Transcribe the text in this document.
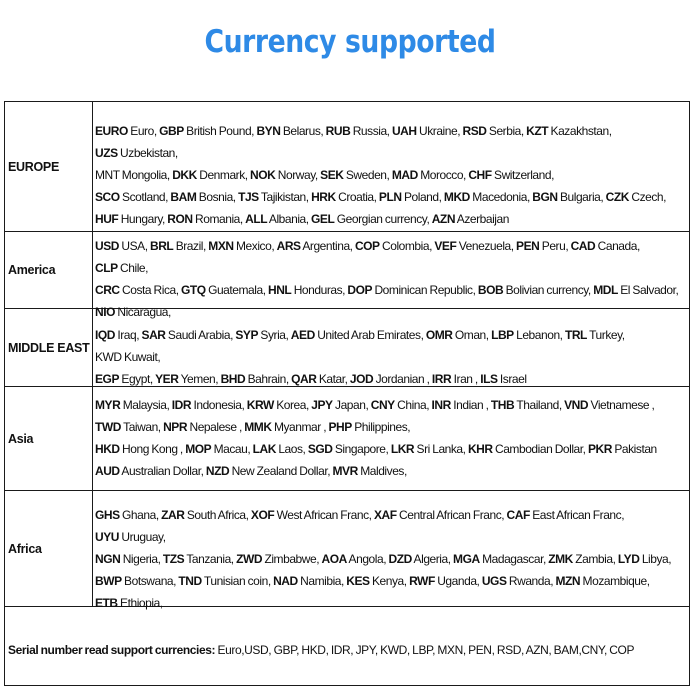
Currency supported
EUROPE
EURO Euro, GBP British Pound, BYN Belarus, RUB Russia, UAH Ukraine, RSD Serbia, KZT Kazakhstan, UZS Uzbekistan,
MNT Mongolia, DKK Denmark, NOK Norway, SEK Sweden, MAD Morocco, CHF Switzerland,
SCO Scotland, BAM Bosnia, TJS Tajikistan, HRK Croatia, PLN Poland, MKD Macedonia, BGN Bulgaria, CZK Czech,
HUF Hungary, RON Romania, ALL Albania, GEL Georgian currency, AZN Azerbaijan
America
USD USA, BRL Brazil, MXN Mexico, ARS Argentina, COP Colombia, VEF Venezuela, PEN Peru, CAD Canada, CLP Chile,
CRC Costa Rica, GTQ Guatemala, HNL Honduras, DOP Dominican Republic, BOB Bolivian currency, MDL El Salvador,
NIO Nicaragua,
MIDDLE EAST
IQD Iraq, SAR Saudi Arabia, SYP Syria, AED United Arab Emirates, OMR Oman, LBP Lebanon, TRL Turkey, KWD Kuwait,
EGP Egypt, YER Yemen, BHD Bahrain, QAR Katar, JOD Jordanian , IRR Iran , ILS Israel
Asia
MYR Malaysia, IDR Indonesia, KRW Korea, JPY Japan, CNY China, INR Indian , THB Thailand, VND Vietnamese ,
TWD Taiwan, NPR Nepalese , MMK Myanmar , PHP Philippines,
HKD Hong Kong , MOP Macau, LAK Laos, SGD Singapore, LKR Sri Lanka, KHR Cambodian Dollar, PKR Pakistan
AUD Australian Dollar, NZD New Zealand Dollar, MVR Maldives,
Africa
GHS Ghana, ZAR South Africa, XOF West African Franc, XAF Central African Franc, CAF East African Franc, UYU Uruguay,
NGN Nigeria, TZS Tanzania, ZWD Zimbabwe, AOA Angola, DZD Algeria, MGA Madagascar, ZMK Zambia, LYD Libya,
BWP Botswana, TND Tunisian coin, NAD Namibia, KES Kenya, RWF Uganda, UGS Rwanda, MZN Mozambique,
ETB Ethiopia,
Serial number read support currencies: Euro,USD, GBP, HKD, IDR, JPY, KWD, LBP, MXN, PEN, RSD, AZN, BAM,CNY, COP
